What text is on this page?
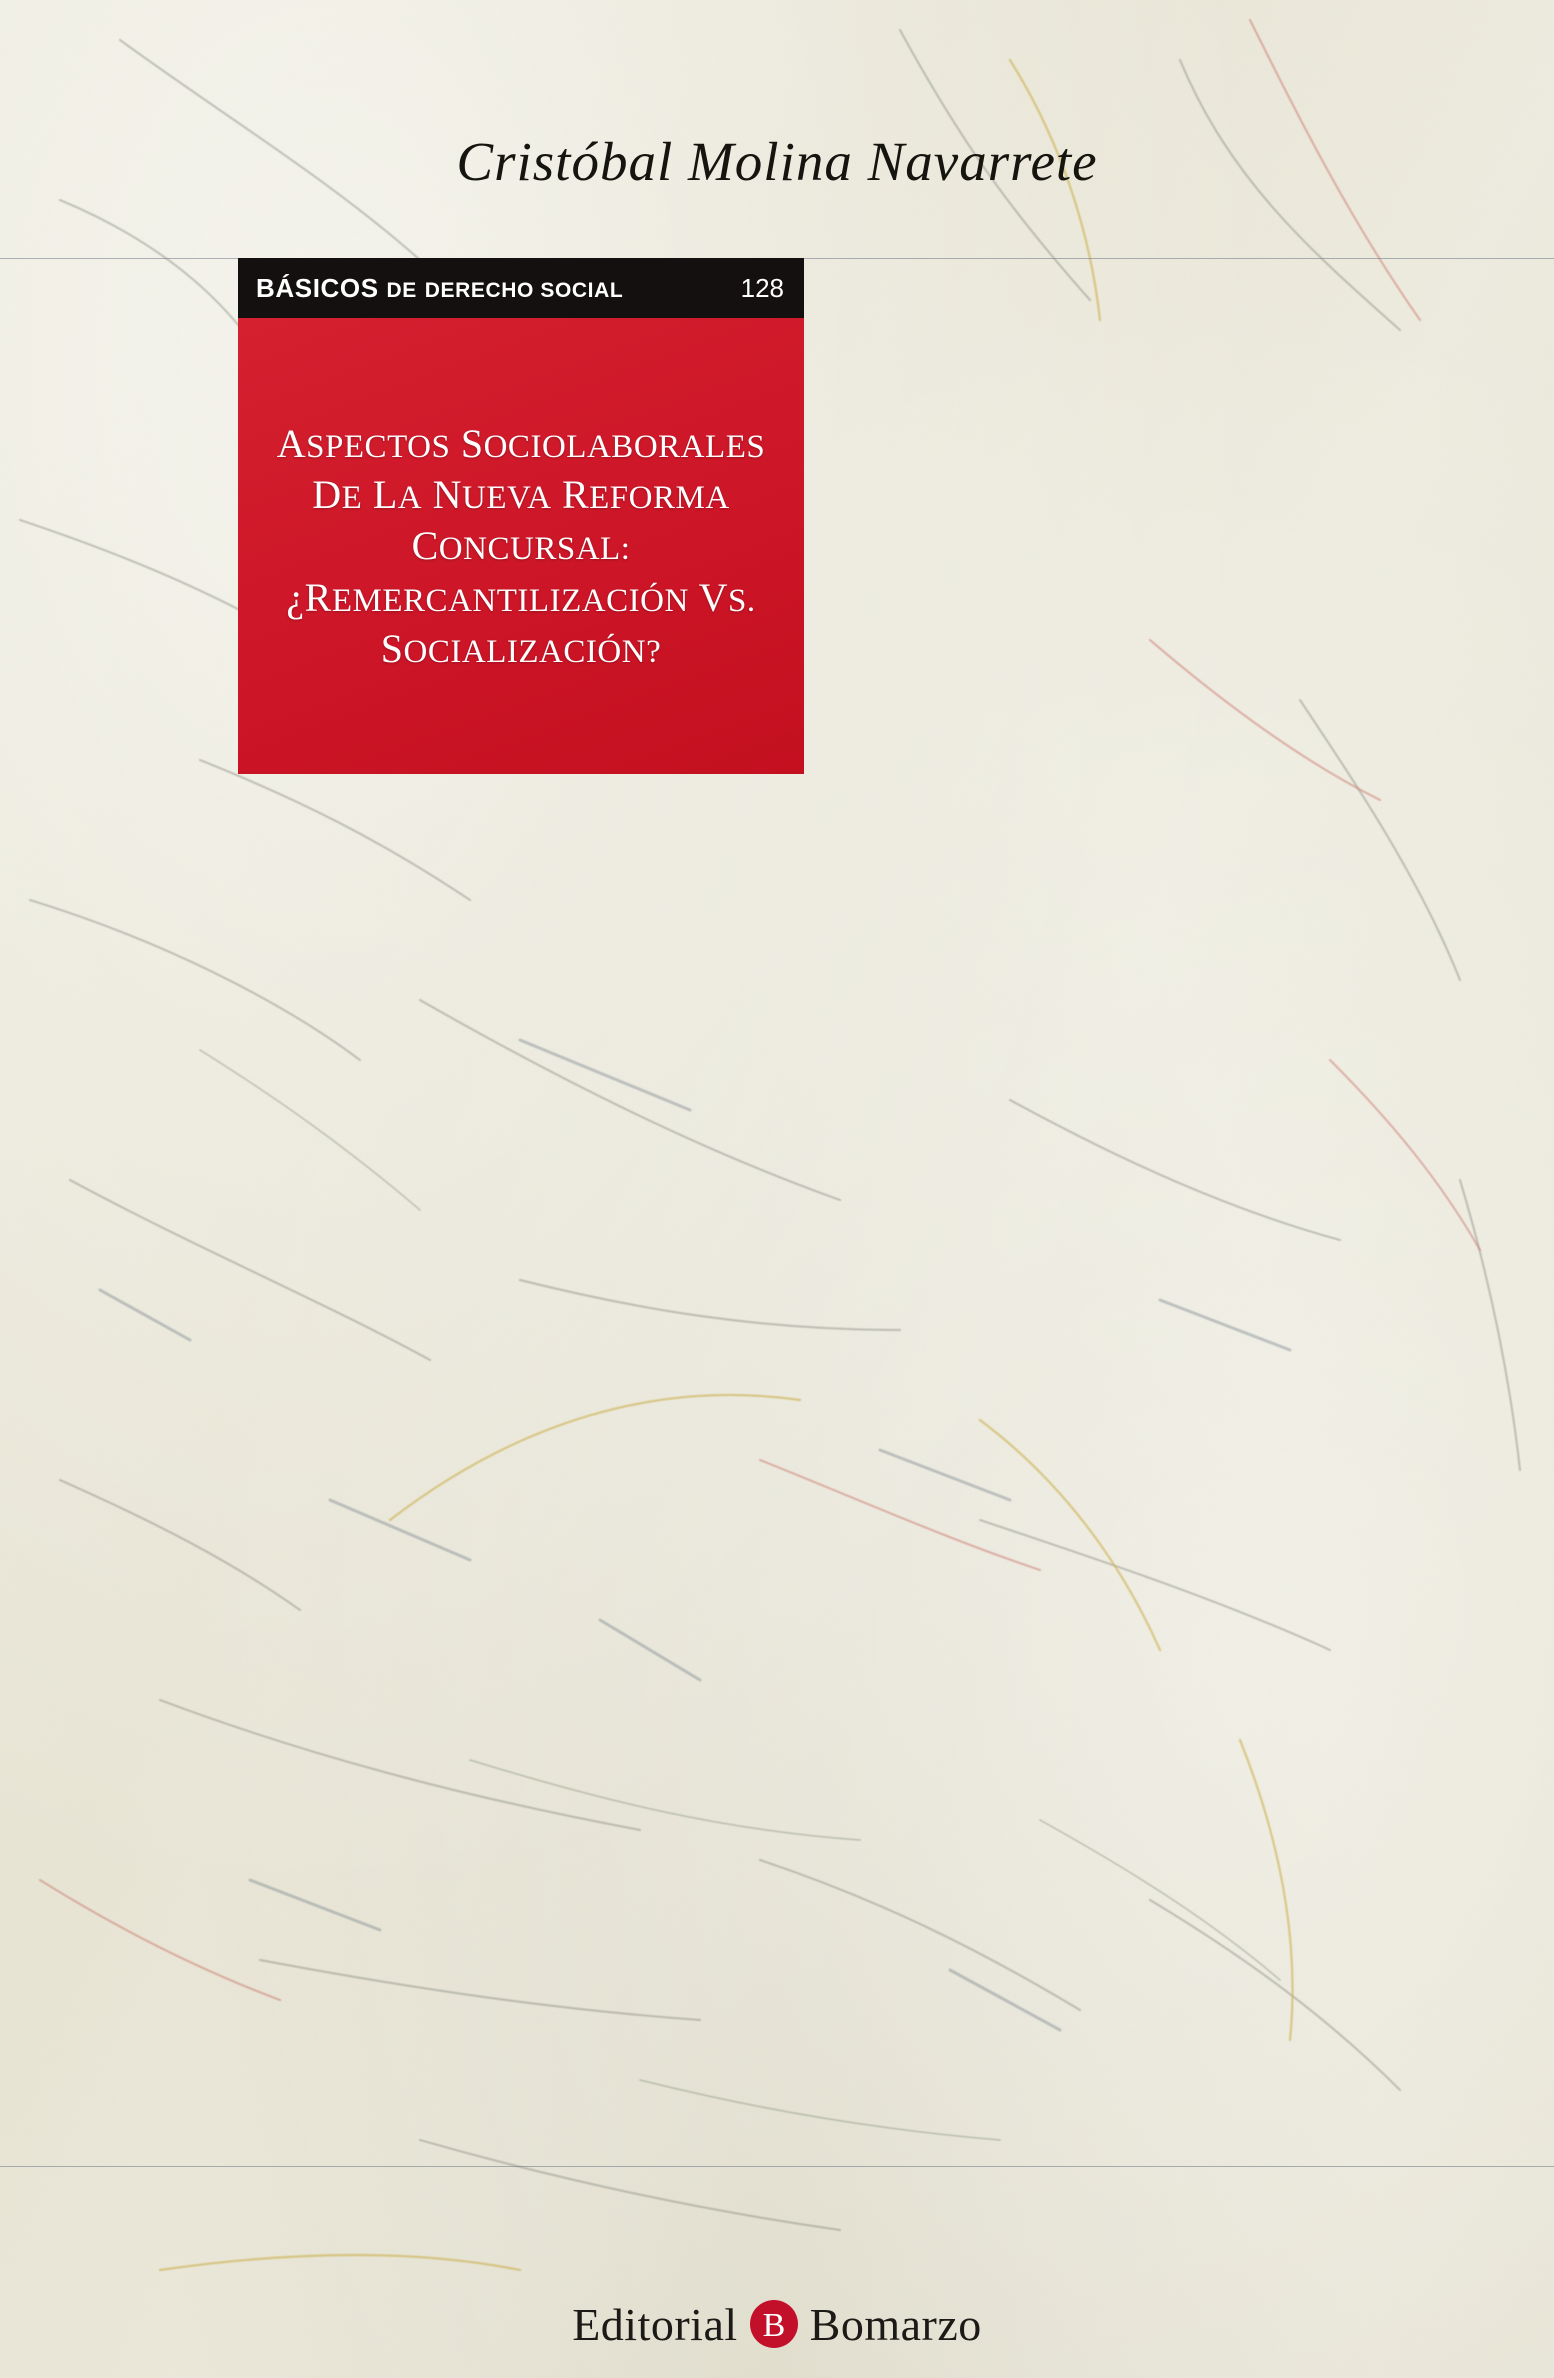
Cristóbal Molina Navarrete
BÁSICOS DE DERECHO SOCIAL	128
ASPECTOS SOCIOLABORALES
DE LA NUEVA REFORMA
CONCURSAL:
¿REMERCANTILIZACIÓN VS.
SOCIALIZACIÓN?
Editorial B Bomarzo
